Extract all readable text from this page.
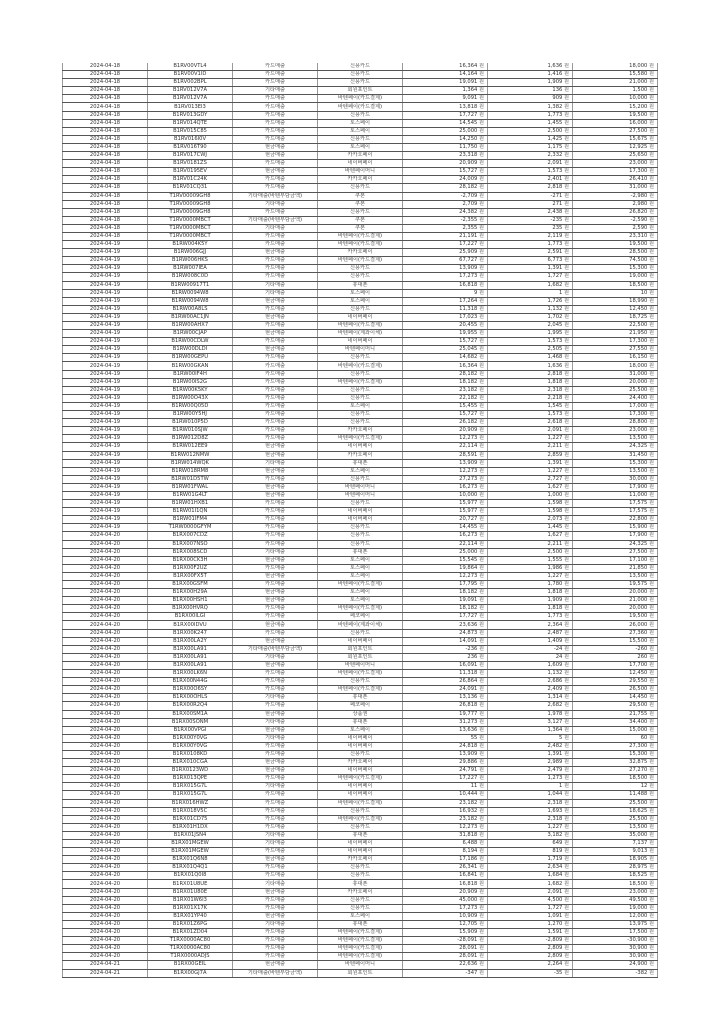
2024-04-18	B1RV00VTL4	카드매출	신용카드	16,364 원	1,636 원	18,000 원
2024-04-18	B1RV00V1ID	카드매출	신용카드	14,164 원	1,416 원	15,580 원
2024-04-18	B1RV002BPL	카드매출	신용카드	19,091 원	1,909 원	21,000 원
2024-04-18	B1RV012V7A	기타매출	회원포인트	1,364 원	136 원	1,500 원
2024-04-18	B1RV012V7A	카드매출	바텐페이(카드결제)	9,091 원	909 원	10,000 원
2024-04-18	B1RV013EI3	카드매출	바텐페이(카드결제)	13,818 원	1,382 원	15,200 원
2024-04-18	B1RV013GDY	카드매출	신용카드	17,727 원	1,773 원	19,500 원
2024-04-18	B1RV014QTE	카드매출	토스페이	14,545 원	1,455 원	16,000 원
2024-04-18	B1RV015C85	카드매출	토스페이	25,000 원	2,500 원	27,500 원
2024-04-18	B1RV016I0V	카드매출	신용카드	14,250 원	1,425 원	15,675 원
2024-04-18	B1RV016T90	현금매출	토스페이	11,750 원	1,175 원	12,925 원
2024-04-18	B1RV017CWJ	현금매출	카카오페이	23,318 원	2,332 원	25,650 원
2024-04-18	B1RV0181ZS	카드매출	네이버페이	20,909 원	2,091 원	23,000 원
2024-04-18	B1RV0195EV	현금매출	바텐페이머니	15,727 원	1,573 원	17,300 원
2024-04-18	B1RV01C24K	카드매출	카카오페이	24,009 원	2,401 원	26,410 원
2024-04-18	B1RV01CQ31	카드매출	신용카드	28,182 원	2,818 원	31,000 원
2024-04-18	T1RV00009GH8	기타매출(바텐부담금액)	쿠폰	-2,709 원	-271 원	-2,980 원
2024-04-18	T1RV00009GH8	기타매출	쿠폰	2,709 원	271 원	2,980 원
2024-04-18	T1RV00009GH8	카드매출	신용카드	24,382 원	2,438 원	26,820 원
2024-04-18	T1RV0000MBCT	기타매출(바텐부담금액)	쿠폰	-2,355 원	-235 원	-2,590 원
2024-04-18	T1RV0000MBCT	기타매출	쿠폰	2,355 원	235 원	2,590 원
2024-04-18	T1RV0000MBCT	카드매출	바텐페이(카드결제)	21,191 원	2,119 원	23,310 원
2024-04-19	B1RW004K5Y	카드매출	바텐페이(카드결제)	17,227 원	1,773 원	19,500 원
2024-04-19	B1RW006GJJ	현금매출	카카오페이	25,909 원	2,591 원	28,500 원
2024-04-19	B1RW006HKS	카드매출	바텐페이(카드결제)	67,727 원	6,773 원	74,500 원
2024-04-19	B1RW007IEA	카드매출	신용카드	13,909 원	1,391 원	15,300 원
2024-04-19	B1RW008C0D	카드매출	신용카드	17,273 원	1,727 원	19,000 원
2024-04-19	B1RW00917T1	기타매출	휴대폰	16,818 원	1,682 원	18,500 원
2024-04-19	B1RW0094W8	기타매출	토스페이	9 원	1 원	10 원
2024-04-19	B1RW0094W8	현금매출	토스페이	17,264 원	1,726 원	18,990 원
2024-04-19	B1RW00A8LS	카드매출	신용카드	11,318 원	1,132 원	12,450 원
2024-04-19	B1RW00AC1JN	현금매출	네이버페이	17,023 원	1,702 원	18,725 원
2024-04-19	B1RW00AHX7	카드매출	바텐페이(카드결제)	20,455 원	2,045 원	22,500 원
2024-04-19	B1RW00CJAP	현금매출	바텐페이(계좌이체)	19,955 원	1,995 원	21,950 원
2024-04-19	B1RW00CDLW	카드매출	네이버페이	15,727 원	1,573 원	17,300 원
2024-04-19	B1RW00DLDI	현금매출	바텐페이머니	25,045 원	2,505 원	27,550 원
2024-04-19	B1RW00GEPU	카드매출	신용카드	14,682 원	1,468 원	16,150 원
2024-04-19	B1RW00GKAN	카드매출	바텐페이(카드결제)	16,364 원	1,636 원	18,000 원
2024-04-19	B1RW00IF4H	카드매출	신용카드	28,182 원	2,818 원	31,000 원
2024-04-19	B1RW00IS2G	카드매출	바텐페이(카드결제)	18,182 원	1,818 원	20,000 원
2024-04-19	B1RW00K5KY	카드매출	신용카드	23,182 원	2,318 원	25,500 원
2024-04-19	B1RW00O43X	카드매출	신용카드	22,182 원	2,218 원	24,400 원
2024-04-19	B1RW00Q05D	카드매출	토스페이	15,455 원	1,545 원	17,000 원
2024-04-19	B1RW00Y5HJ	카드매출	신용카드	15,727 원	1,573 원	17,300 원
2024-04-19	B1RW010P5D	카드매출	신용카드	26,182 원	2,618 원	28,800 원
2024-04-19	B1RW010SJW	카드매출	카카오페이	20,909 원	2,091 원	23,000 원
2024-04-19	B1RW012D8Z	카드매출	바텐페이(카드결제)	12,273 원	1,227 원	13,500 원
2024-04-19	B1RW012EE9	현금매출	네이버페이	22,114 원	2,211 원	24,325 원
2024-04-19	B1RW012NMW	현금매출	카카오페이	28,591 원	2,859 원	31,450 원
2024-04-19	B1RW014WQK	기타매출	휴대폰	13,909 원	1,391 원	15,300 원
2024-04-19	B1RW018RM8	현금매출	토스페이	12,273 원	1,227 원	13,500 원
2024-04-19	B1RW01D5TW	카드매출	신용카드	27,273 원	2,727 원	30,000 원
2024-04-19	B1RW01FWAL	현금매출	바텐페이머니	16,273 원	1,627 원	17,900 원
2024-04-19	B1RW01G4LT	현금매출	바텐페이머니	10,000 원	1,000 원	11,000 원
2024-04-19	B1RW01HXB1	카드매출	신용카드	15,977 원	1,598 원	17,575 원
2024-04-19	B1RW01I1QN	카드매출	네이버페이	15,977 원	1,598 원	17,575 원
2024-04-19	B1RW01IFM4	카드매출	네이버페이	20,727 원	2,073 원	22,800 원
2024-04-19	T1RW0000GFYM	카드매출	신용카드	14,455 원	1,445 원	15,900 원
2024-04-20	B1RX007CDZ	카드매출	신용카드	16,273 원	1,627 원	17,900 원
2024-04-20	B1RX007NSO	카드매출	신용카드	22,114 원	2,211 원	24,325 원
2024-04-20	B1RX008SCD	기타매출	휴대폰	25,000 원	2,500 원	27,500 원
2024-04-20	B1RX00CK3H	현금매출	토스페이	15,545 원	1,555 원	17,100 원
2024-04-20	B1RX00F2UZ	카드매출	토스페이	19,864 원	1,986 원	21,850 원
2024-04-20	B1RX00FX5T	현금매출	토스페이	12,273 원	1,227 원	13,500 원
2024-04-20	B1RX00GSFM	카드매출	바텐페이(카드결제)	17,795 원	1,780 원	19,575 원
2024-04-20	B1RX00H29A	현금매출	토스페이	18,182 원	1,818 원	20,000 원
2024-04-20	B1RX00HSH1	현금매출	토스페이	19,091 원	1,909 원	21,000 원
2024-04-20	B1RX00HVRQ	카드매출	바텐페이(카드결제)	18,182 원	1,818 원	20,000 원
2024-04-20	B1RX00ILGI	카드매출	페코페이	17,727 원	1,773 원	19,500 원
2024-04-20	B1RX00IDVU	현금매출	바텐페이(계좌이체)	23,636 원	2,364 원	26,000 원
2024-04-20	B1RX00K247	카드매출	신용카드	24,873 원	2,487 원	27,360 원
2024-04-20	B1RX00LA2Y	현금매출	네이버페이	14,091 원	1,409 원	15,500 원
2024-04-20	B1RX00LA91	기타매출(바텐부담금액)	회원포인트	-236 원	-24 원	-260 원
2024-04-20	B1RX00LA91	기타매출	회원포인트	236 원	24 원	260 원
2024-04-20	B1RX00LA91	현금매출	바텐페이머니	16,091 원	1,609 원	17,700 원
2024-04-20	B1RX00LK6N	카드매출	바텐페이(카드결제)	11,318 원	1,132 원	12,450 원
2024-04-20	B1RX00N44G	카드매출	신용카드	26,864 원	2,686 원	29,550 원
2024-04-20	B1RX00O6SY	카드매출	바텐페이(카드결제)	24,091 원	2,409 원	26,500 원
2024-04-20	B1RX00OHLS	기타매출	휴대폰	13,136 원	1,314 원	14,450 원
2024-04-20	B1RX00R2Q4	카드매출	페코페이	26,818 원	2,682 원	29,500 원
2024-04-20	B1RX00SM1A	현금매출	상품권	19,777 원	1,978 원	21,755 원
2024-04-20	B1RX00SONM	기타매출	휴대폰	31,273 원	3,127 원	34,400 원
2024-04-20	B1RX00VPGI	현금매출	토스페이	13,636 원	1,364 원	15,000 원
2024-04-20	B1RX00Y0VG	기타매출	네이버페이	55 원	5 원	60 원
2024-04-20	B1RX00Y0VG	카드매출	네이버페이	24,818 원	2,482 원	27,300 원
2024-04-20	B1RX0108KD	카드매출	신용카드	13,909 원	1,391 원	15,300 원
2024-04-20	B1RX010CGA	현금매출	카카오페이	29,886 원	2,989 원	32,875 원
2024-04-20	B1RX0123WD	현금매출	네이버페이	24,791 원	2,479 원	27,270 원
2024-04-20	B1RX013QPE	카드매출	바텐페이(카드결제)	17,227 원	1,273 원	18,500 원
2024-04-20	B1RX015G7L	기타매출	네이버페이	11 원	1 원	12 원
2024-04-20	B1RX015G7L	카드매출	네이버페이	10,444 원	1,044 원	11,488 원
2024-04-20	B1RX016HWZ	카드매출	바텐페이(카드결제)	23,182 원	2,318 원	25,500 원
2024-04-20	B1RX018V5C	카드매출	신용카드	16,932 원	1,693 원	18,625 원
2024-04-20	B1RX01CD75	카드매출	바텐페이(카드결제)	23,182 원	2,318 원	25,500 원
2024-04-20	B1RX01H1DX	카드매출	신용카드	12,273 원	1,227 원	13,500 원
2024-04-20	B1RX01JSN4	기타매출	휴대폰	31,818 원	3,182 원	35,000 원
2024-04-20	B1RX01MGEW	기타매출	네이버페이	6,488 원	649 원	7,137 원
2024-04-20	B1RX01MGEW	카드매출	네이버페이	8,194 원	819 원	9,013 원
2024-04-20	B1RX01Q6N8	현금매출	카카오페이	17,186 원	1,719 원	18,905 원
2024-04-20	B1RX01Q4Q1	카드매출	신용카드	26,341 원	2,634 원	28,975 원
2024-04-20	B1RX01Q0I8	카드매출	신용카드	16,841 원	1,684 원	18,525 원
2024-04-20	B1RX01U8UE	기타매출	휴대폰	16,818 원	1,682 원	18,500 원
2024-04-20	B1RX01U80E	현금매출	카카오페이	20,909 원	2,091 원	23,000 원
2024-04-20	B1RX01W6I3	카드매출	신용카드	45,000 원	4,500 원	49,500 원
2024-04-20	B1RX01X17K	카드매출	신용카드	17,273 원	1,727 원	19,000 원
2024-04-20	B1RX01YP40	현금매출	토스페이	10,909 원	1,091 원	12,000 원
2024-04-20	B1RX01Z6PG	기타매출	휴대폰	12,705 원	1,270 원	13,975 원
2024-04-20	B1RX01ZD04	카드매출	바텐페이(카드결제)	15,909 원	1,591 원	17,500 원
2024-04-20	T1RX0000AC80	카드매출	바텐페이(카드결제)	-28,091 원	-2,809 원	-30,900 원
2024-04-20	T1RX0000AC80	카드매출	바텐페이(카드결제)	28,091 원	2,809 원	30,900 원
2024-04-20	T1RX0000ADJS	카드매출	바텐페이(카드결제)	28,091 원	2,809 원	30,900 원
2024-04-21	B1RX00GEIL	현금매출	바텐페이머니	22,636 원	2,264 원	24,900 원
2024-04-21	B1RX00GJ7A	기타매출(바텐부담금액)	회원포인트	-347 원	-35 원	-382 원
